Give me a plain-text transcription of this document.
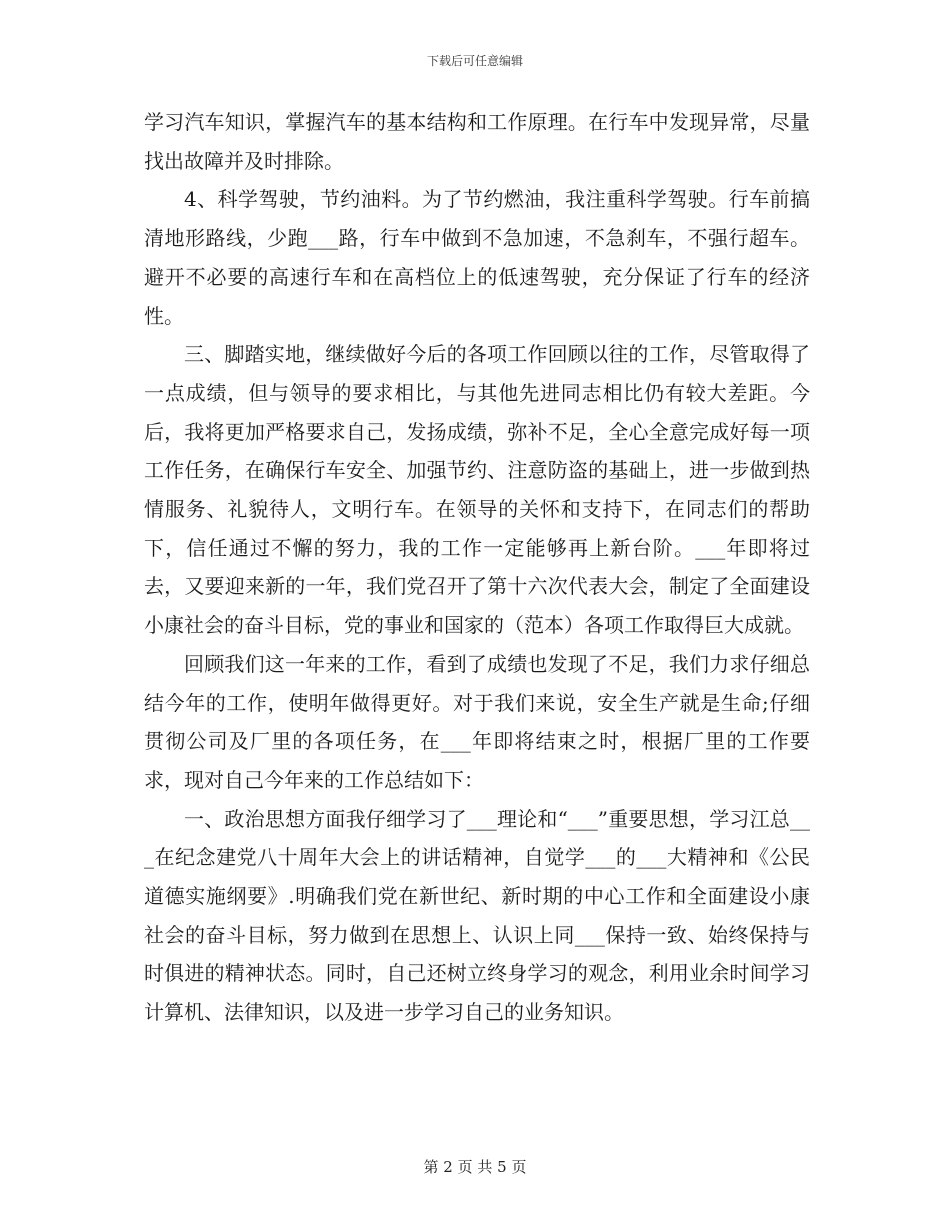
下载后可任意编辑

学习汽车知识，掌握汽车的基本结构和工作原理。在行车中发现异常，尽量找出故障并及时排除。

4、科学驾驶，节约油料。为了节约燃油，我注重科学驾驶。行车前搞清地形路线，少跑___路，行车中做到不急加速，不急刹车，不强行超车。避开不必要的高速行车和在高档位上的低速驾驶，充分保证了行车的经济性。

三、脚踏实地，继续做好今后的各项工作回顾以往的工作，尽管取得了一点成绩，但与领导的要求相比，与其他先进同志相比仍有较大差距。今后，我将更加严格要求自己，发扬成绩，弥补不足，全心全意完成好每一项工作任务，在确保行车安全、加强节约、注意防盗的基础上，进一步做到热情服务、礼貌待人，文明行车。在领导的关怀和支持下，在同志们的帮助下，信任通过不懈的努力，我的工作一定能够再上新台阶。___年即将过去，又要迎来新的一年，我们党召开了第十六次代表大会，制定了全面建设小康社会的奋斗目标，党的事业和国家的（范本）各项工作取得巨大成就。

回顾我们这一年来的工作，看到了成绩也发现了不足，我们力求仔细总结今年的工作，使明年做得更好。对于我们来说，安全生产就是生命;仔细贯彻公司及厂里的各项任务，在___年即将结束之时，根据厂里的工作要求，现对自己今年来的工作总结如下：

一、政治思想方面我仔细学习了___理论和“___”重要思想，学习江总___在纪念建党八十周年大会上的讲话精神，自觉学___的___大精神和《公民道德实施纲要》.明确我们党在新世纪、新时期的中心工作和全面建设小康社会的奋斗目标，努力做到在思想上、认识上同___保持一致、始终保持与时俱进的精神状态。同时，自己还树立终身学习的观念，利用业余时间学习计算机、法律知识，以及进一步学习自己的业务知识。

第 2 页 共 5 页
